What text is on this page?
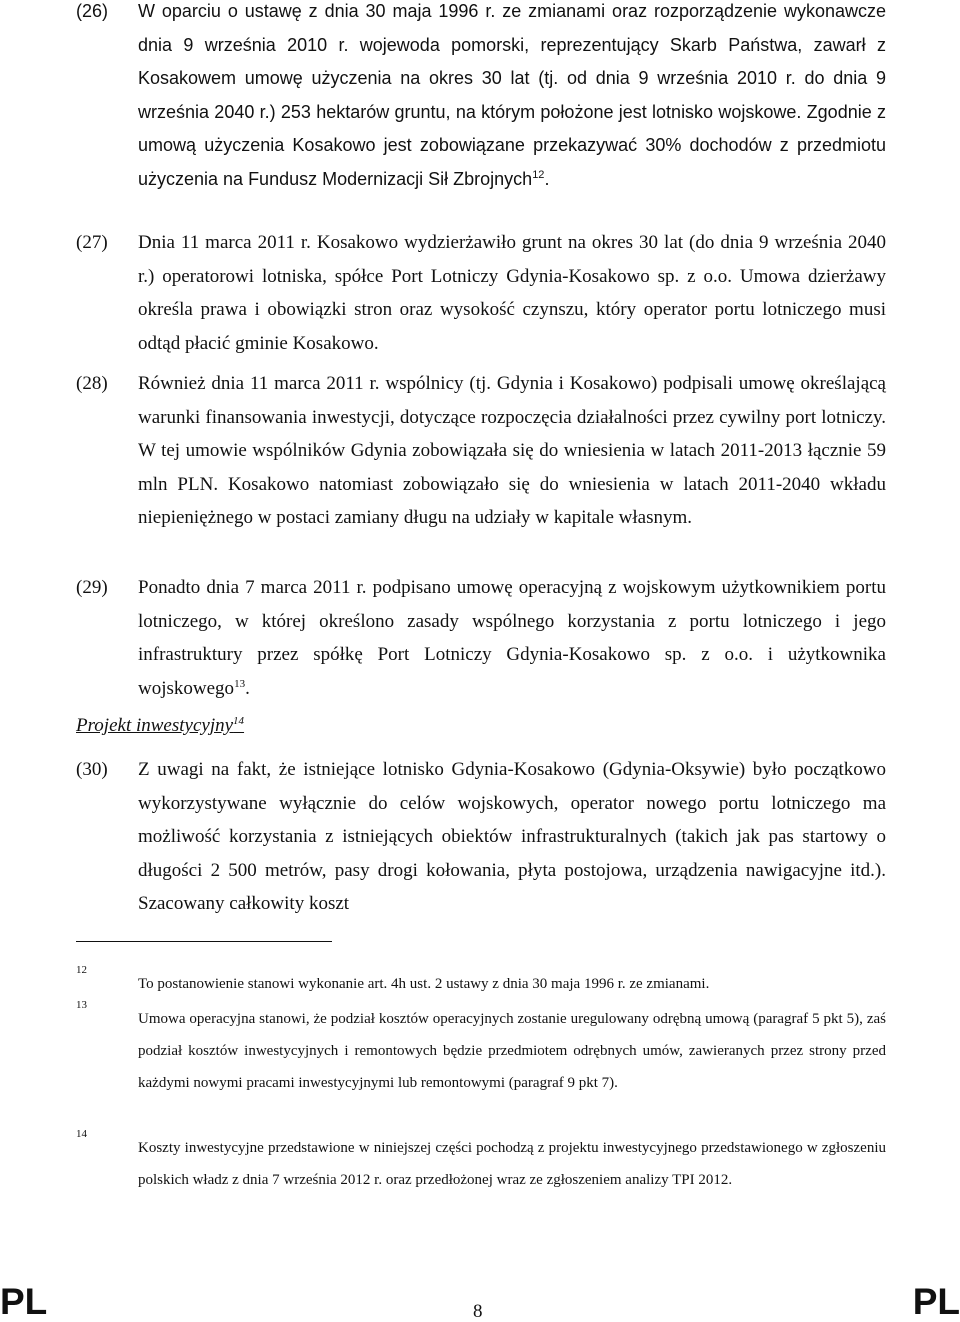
(26)	W oparciu o ustawę z dnia 30 maja 1996 r. ze zmianami oraz rozporządzenie wykonawcze dnia 9 września 2010 r. wojewoda pomorski, reprezentujący Skarb Państwa, zawarł z Kosakowem umowę użyczenia na okres 30 lat (tj. od dnia 9 września 2010 r. do dnia 9 września 2040 r.) 253 hektarów gruntu, na którym położone jest lotnisko wojskowe. Zgodnie z umową użyczenia Kosakowo jest zobowiązane przekazywać 30% dochodów z przedmiotu użyczenia na Fundusz Modernizacji Sił Zbrojnych$^{12}$.
(27)	Dnia 11 marca 2011 r. Kosakowo wydzierżawiło grunt na okres 30 lat (do dnia 9 września 2040 r.) operatorowi lotniska, spółce Port Lotniczy Gdynia-Kosakowo sp. z o.o. Umowa dzierżawy określa prawa i obowiązki stron oraz wysokość czynszu, który operator portu lotniczego musi odtąd płacić gminie Kosakowo.
(28)	Również dnia 11 marca 2011 r. wspólnicy (tj. Gdynia i Kosakowo) podpisali umowę określającą warunki finansowania inwestycji, dotyczące rozpoczęcia działalności przez cywilny port lotniczy. W tej umowie wspólników Gdynia zobowiązała się do wniesienia w latach 2011-2013 łącznie 59 mln PLN. Kosakowo natomiast zobowiązało się do wniesienia w latach 2011-2040 wkładu niepieniężnego w postaci zamiany długu na udziały w kapitale własnym.
(29)	Ponadto dnia 7 marca 2011 r. podpisano umowę operacyjną z wojskowym użytkownikiem portu lotniczego, w której określono zasady wspólnego korzystania z portu lotniczego i jego infrastruktury przez spółkę Port Lotniczy Gdynia-Kosakowo sp. z o.o. i użytkownika wojskowego$^{13}$.
Projekt inwestycyjny$^{14}$
(30)	Z uwagi na fakt, że istniejące lotnisko Gdynia-Kosakowo (Gdynia-Oksywie) było początkowo wykorzystywane wyłącznie do celów wojskowych, operator nowego portu lotniczego ma możliwość korzystania z istniejących obiektów infrastrukturalnych (takich jak pas startowy o długości 2 500 metrów, pasy drogi kołowania, płyta postojowa, urządzenia nawigacyjne itd.). Szacowany całkowity koszt
12
To postanowienie stanowi wykonanie art. 4h ust. 2 ustawy z dnia 30 maja 1996 r. ze zmianami.
13
Umowa operacyjna stanowi, że podział kosztów operacyjnych zostanie uregulowany odrębną umową (paragraf 5 pkt 5), zaś podział kosztów inwestycyjnych i remontowych będzie przedmiotem odrębnych umów, zawieranych przez strony przed każdymi nowymi pracami inwestycyjnymi lub remontowymi (paragraf 9 pkt 7).
14
Koszty inwestycyjne przedstawione w niniejszej części pochodzą z projektu inwestycyjnego przedstawionego w zgłoszeniu polskich władz z dnia 7 września 2012 r. oraz przedłożonej wraz ze zgłoszeniem analizy TPI 2012.
PL	8	PL
